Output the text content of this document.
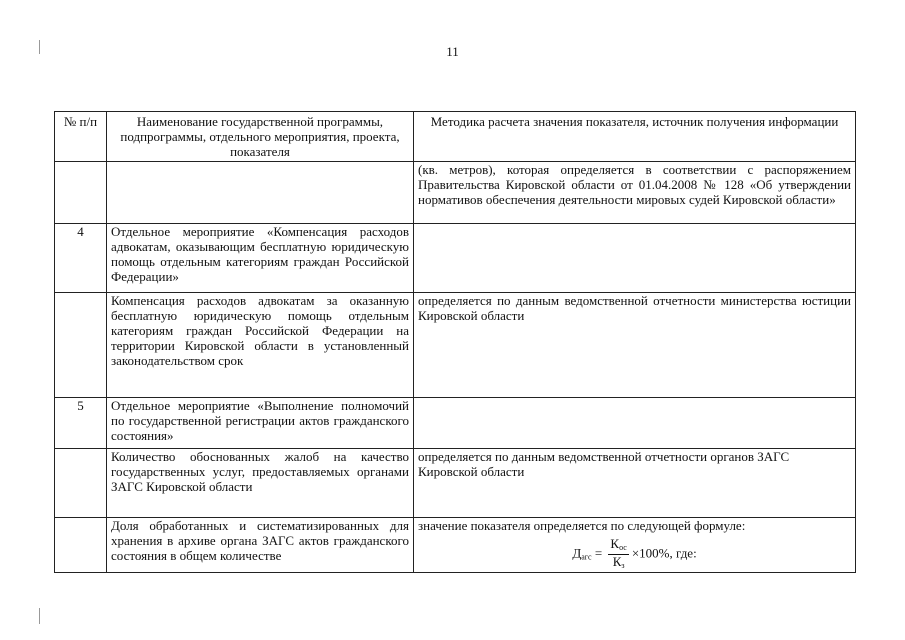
11
№ п/п	Наименование государственной программы, подпрограммы, отдельного мероприятия, проекта, показателя	Методика расчета значения показателя, источник получения информации
		(кв. метров), которая определяется в соответствии с распоряжением Правительства Кировской области от 01.04.2008 № 128 «Об утверждении нормативов обеспечения деятельности мировых судей Кировской области»
4	Отдельное мероприятие «Компенсация расходов адвокатам, оказывающим бесплатную юридическую помощь отдельным категориям граждан Российской Федерации»	
	Компенсация расходов адвокатам за оказанную бесплатную юридическую помощь отдельным категориям граждан Российской Федерации на территории Кировской области в установленный законодательством срок	определяется по данным ведомственной отчетности министерства юстиции Кировской области
5	Отдельное мероприятие «Выполнение полномочий по государственной регистрации актов гражданского состояния»	
	Количество обоснованных жалоб на качество государственных услуг, предоставляемых органами ЗАГС Кировской области	определяется по данным ведомственной отчетности органов ЗАГС Кировской области
	Доля обработанных и систематизированных для хранения в архиве органа ЗАГС актов гражданского состояния в общем количестве	значение показателя определяется по следующей формуле:
$Д_{агс} = \frac{К_{ос}}{К_з} \times 100\%$, где:
